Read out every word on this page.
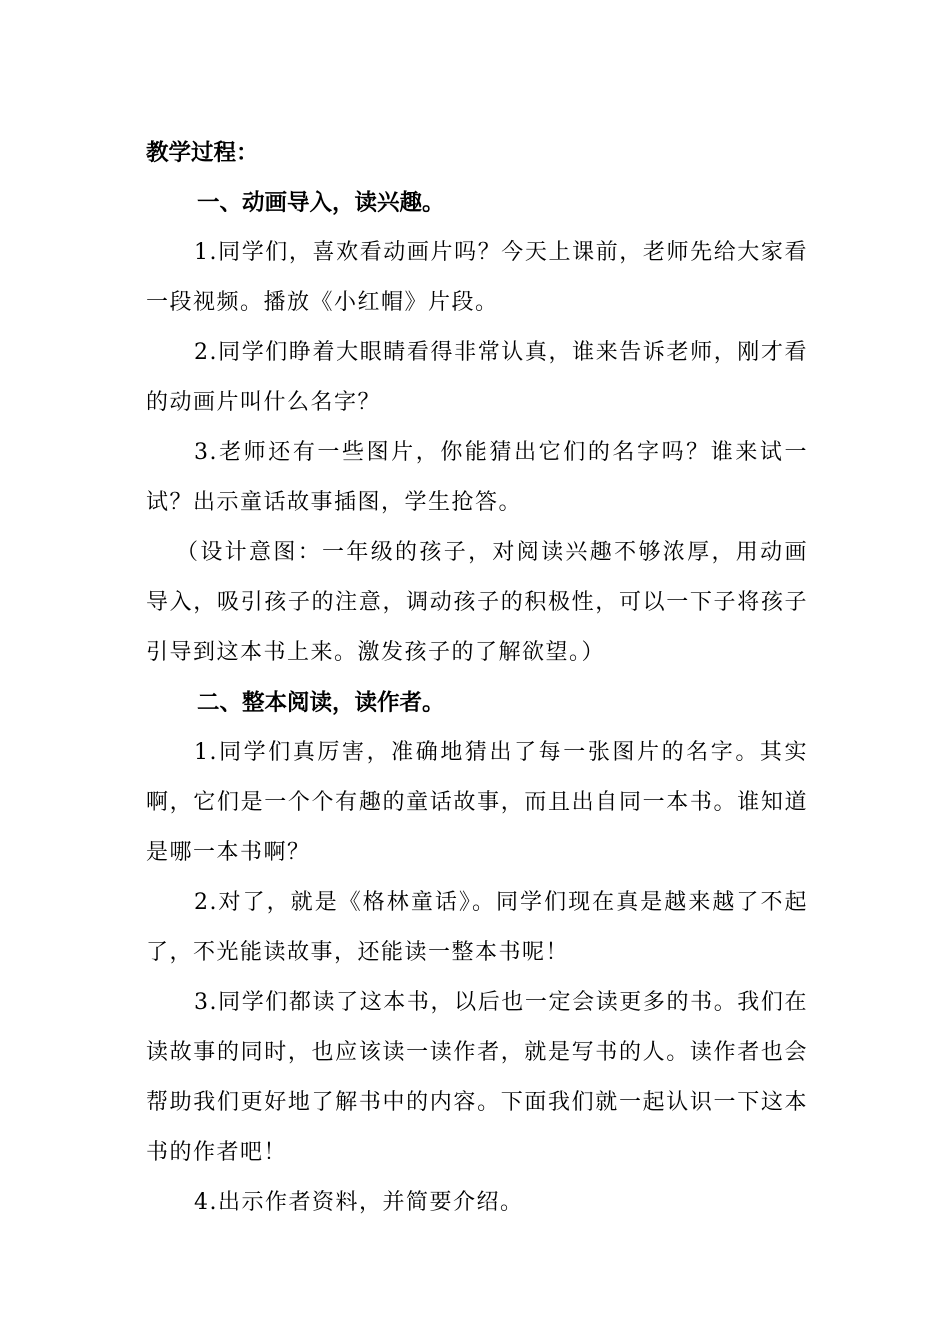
教学过程：
一、动画导入，读兴趣。

1.同学们，喜欢看动画片吗？今天上课前，老师先给大家看一段视频。播放《小红帽》片段。

2.同学们睁着大眼睛看得非常认真，谁来告诉老师，刚才看的动画片叫什么名字？

3.老师还有一些图片，你能猜出它们的名字吗？谁来试一试？出示童话故事插图，学生抢答。

（设计意图：一年级的孩子，对阅读兴趣不够浓厚，用动画导入，吸引孩子的注意，调动孩子的积极性，可以一下子将孩子引导到这本书上来。激发孩子的了解欲望。）

二、整本阅读，读作者。

1.同学们真厉害，准确地猜出了每一张图片的名字。其实啊，它们是一个个有趣的童话故事，而且出自同一本书。谁知道是哪一本书啊？

2.对了，就是《格林童话》。同学们现在真是越来越了不起了，不光能读故事，还能读一整本书呢！

3.同学们都读了这本书，以后也一定会读更多的书。我们在读故事的同时，也应该读一读作者，就是写书的人。读作者也会帮助我们更好地了解书中的内容。下面我们就一起认识一下这本书的作者吧！

4.出示作者资料，并简要介绍。
